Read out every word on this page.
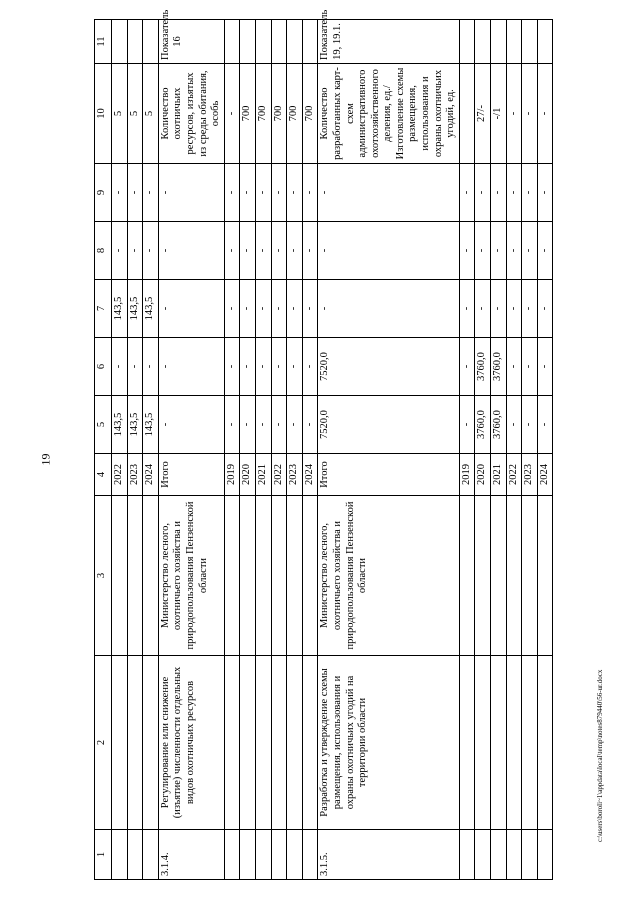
19
c:\users\boroli~1\appdata\local\temp\notes879440\56-ur.docx
1	2	3	4	5	6	7	8	9	10	11
			2022	143,5	-	143,5	-	-	5	
			2023	143,5	-	143,5	-	-	5	
			2024	143,5	-	143,5	-	-	5	
3.1.4.	Регулирование или снижение (изъятие) численности отдельных видов охотничьих ресурсов	Министерство лесного, охотничьего хозяйства и природопользования Пензенской области	Итого	-	-	-	-	-	Количество охотничьих ресурсов, изъятых из среды обитания, особь	Показатель 16
			2019	-	-	-	-	-	-	
			2020	-	-	-	-	-	700	
			2021	-	-	-	-	-	700	
			2022	-	-	-	-	-	700	
			2023	-	-	-	-	-	700	
			2024	-	-	-	-	-	700	
3.1.5.	Разработка и утверждение схемы размещения, использования и охраны охотничьих угодий на территории области	Министерство лесного, охотничьего хозяйства и природопользования Пензенской области	Итого	7520,0	7520,0	-	-	-	Количество разработанных карт-схем административного охотхозяйственного деления, ед./Изготовление схемы размещения, использования и охраны охотничьих угодий, ед.	Показатель 19, 19.1.
			2019	-	-	-	-	-		
			2020	3760,0	3760,0	-	-	-	27/-	
			2021	3760,0	3760,0	-	-	-	-/1	
			2022	-	-	-	-	-	-	
			2023	-	-	-	-	-	-	
			2024	-	-	-	-	-	-	
